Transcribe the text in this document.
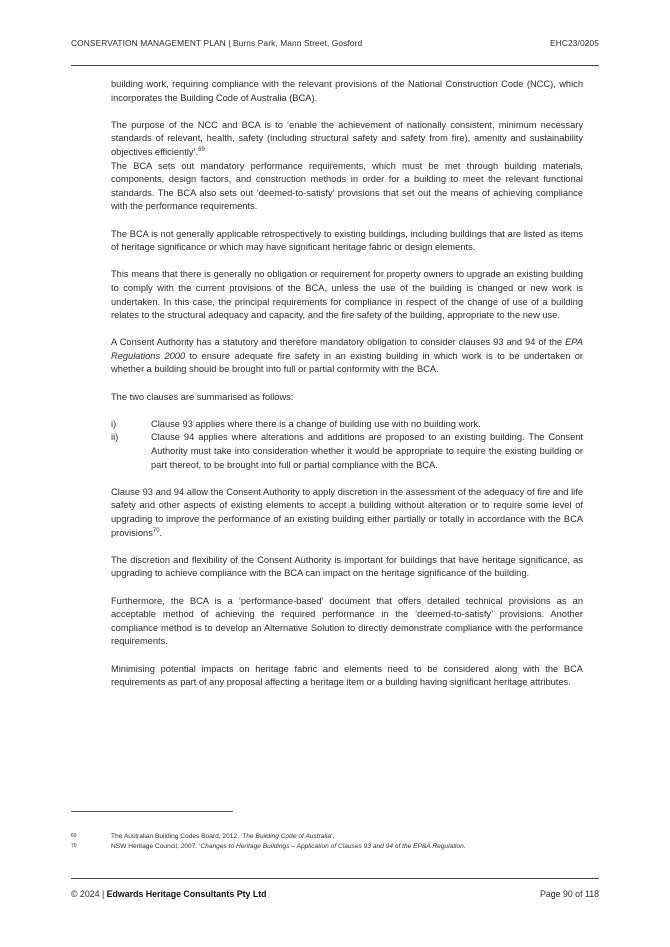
CONSERVATION MANAGEMENT PLAN | Burns Park, Mann Street, Gosford	EHC23/0205

building work, requiring compliance with the relevant provisions of the National Construction Code (NCC), which incorporates the Building Code of Australia (BCA).

The purpose of the NCC and BCA is to ‘enable the achievement of nationally consistent, minimum necessary standards of relevant, health, safety (including structural safety and safety from fire), amenity and sustainability objectives efficiently’.$^{69}$

The BCA sets out mandatory performance requirements, which must be met through building materials, components, design factors, and construction methods in order for a building to meet the relevant functional standards. The BCA also sets out ‘deemed-to-satisfy’ provisions that set out the means of achieving compliance with the performance requirements.

The BCA is not generally applicable retrospectively to existing buildings, including buildings that are listed as items of heritage significance or which may have significant heritage fabric or design elements.

This means that there is generally no obligation or requirement for property owners to upgrade an existing building to comply with the current provisions of the BCA, unless the use of the building is changed or new work is undertaken. In this case, the principal requirements for compliance in respect of the change of use of a building relates to the structural adequacy and capacity, and the fire safety of the building, appropriate to the new use.

A Consent Authority has a statutory and therefore mandatory obligation to consider clauses 93 and 94 of the EPA Regulations 2000 to ensure adequate fire safety in an existing building in which work is to be undertaken or whether a building should be brought into full or partial conformity with the BCA.

The two clauses are summarised as follows:

i)	Clause 93 applies where there is a change of building use with no building work.
ii)	Clause 94 applies where alterations and additions are proposed to an existing building. The Consent Authority must take into consideration whether it would be appropriate to require the existing building or part thereof, to be brought into full or partial compliance with the BCA.

Clause 93 and 94 allow the Consent Authority to apply discretion in the assessment of the adequacy of fire and life safety and other aspects of existing elements to accept a building without alteration or to require some level of upgrading to improve the performance of an existing building either partially or totally in accordance with the BCA provisions$^{70}$.

The discretion and flexibility of the Consent Authority is important for buildings that have heritage significance, as upgrading to achieve compliance with the BCA can impact on the heritage significance of the building.

Furthermore, the BCA is a ‘performance-based’ document that offers detailed technical provisions as an acceptable method of achieving the required performance in the ‘deemed-to-satisfy’ provisions. Another compliance method is to develop an Alternative Solution to directly demonstrate compliance with the performance requirements.

Minimising potential impacts on heritage fabric and elements need to be considered along with the BCA requirements as part of any proposal affecting a heritage item or a building having significant heritage attributes.

69	The Australian Building Codes Board, 2012. ‘The Building Code of Australia’.
70	NSW Heritage Council, 2007. ‘Changes to Heritage Buildings – Application of Clauses 93 and 94 of the EP&A Regulation.
© 2024 | Edwards Heritage Consultants Pty Ltd	Page 90 of 118
